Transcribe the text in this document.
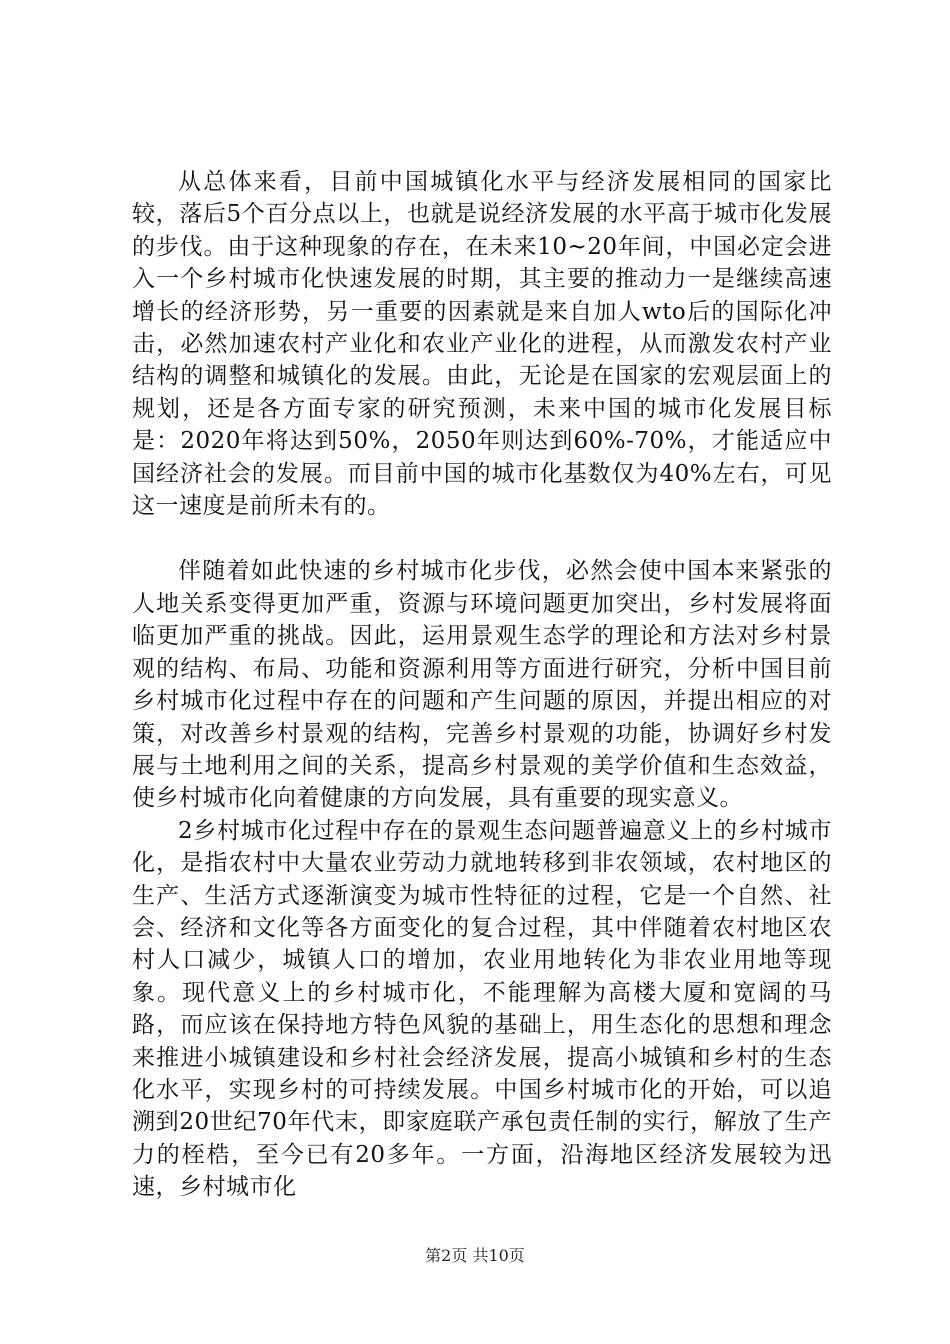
从总体来看，目前中国城镇化水平与经济发展相同的国家比较，落后5个百分点以上，也就是说经济发展的水平高于城市化发展的步伐。由于这种现象的存在，在未来10~20年间，中国必定会进入一个乡村城市化快速发展的时期，其主要的推动力一是继续高速增长的经济形势，另一重要的因素就是来自加人wto后的国际化冲击，必然加速农村产业化和农业产业化的进程，从而激发农村产业结构的调整和城镇化的发展。由此，无论是在国家的宏观层面上的规划，还是各方面专家的研究预测，未来中国的城市化发展目标是：2020年将达到50%，2050年则达到60%-70%，才能适应中国经济社会的发展。而目前中国的城市化基数仅为40%左右，可见这一速度是前所未有的。

伴随着如此快速的乡村城市化步伐，必然会使中国本来紧张的人地关系变得更加严重，资源与环境问题更加突出，乡村发展将面临更加严重的挑战。因此，运用景观生态学的理论和方法对乡村景观的结构、布局、功能和资源利用等方面进行研究，分析中国目前乡村城市化过程中存在的问题和产生问题的原因，并提出相应的对策，对改善乡村景观的结构，完善乡村景观的功能，协调好乡村发展与土地利用之间的关系，提高乡村景观的美学价值和生态效益，使乡村城市化向着健康的方向发展，具有重要的现实意义。

2乡村城市化过程中存在的景观生态问题普遍意义上的乡村城市化，是指农村中大量农业劳动力就地转移到非农领域，农村地区的生产、生活方式逐渐演变为城市性特征的过程，它是一个自然、社会、经济和文化等各方面变化的复合过程，其中伴随着农村地区农村人口减少，城镇人口的增加，农业用地转化为非农业用地等现象。现代意义上的乡村城市化，不能理解为高楼大厦和宽阔的马路，而应该在保持地方特色风貌的基础上，用生态化的思想和理念来推进小城镇建设和乡村社会经济发展，提高小城镇和乡村的生态化水平，实现乡村的可持续发展。中国乡村城市化的开始，可以追溯到20世纪70年代末，即家庭联产承包责任制的实行，解放了生产力的桎梏，至今已有20多年。一方面，沿海地区经济发展较为迅速，乡村城市化

第2页 共10页
